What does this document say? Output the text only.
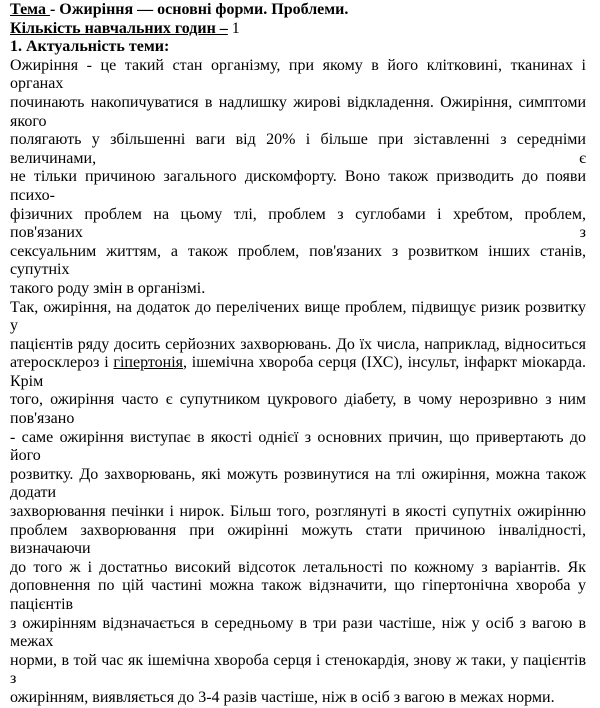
Тема - Ожиріння — основні форми. Проблеми.
Кількість навчальних годин – 1
1. Актуальність теми:
Ожиріння - це такий стан організму, при якому в його клітковині, тканинах і органах
починають накопичуватися в надлишку жирові відкладення. Ожиріння, симптоми якого
полягають у збільшенні ваги від 20% і більше при зіставленні з середніми величинами, є
не тільки причиною загального дискомфорту. Воно також призводить до появи психо-
фізичних проблем на цьому тлі, проблем з суглобами і хребтом, проблем, пов'язаних з
сексуальним життям, а також проблем, пов'язаних з розвитком інших станів, супутніх
такого роду змін в організмі.
Так, ожиріння, на додаток до перелічених вище проблем, підвищує ризик розвитку у
пацієнтів ряду досить серйозних захворювань. До їх числа, наприклад, відноситься
атеросклероз і гіпертонія, ішемічна хвороба серця (ІХС), інсульт, інфаркт міокарда. Крім
того, ожиріння часто є супутником цукрового діабету, в чому нерозривно з ним пов'язано
- саме ожиріння виступає в якості однієї з основних причин, що привертають до його
розвитку. До захворювань, які можуть розвинутися на тлі ожиріння, можна також додати
захворювання печінки і нирок. Більш того, розглянуті в якості супутніх ожирінню
проблем захворювання при ожирінні можуть стати причиною інвалідності, визначаючи
до того ж і достатньо високий відсоток летальності по кожному з варіантів. Як
доповнення по цій частині можна також відзначити, що гіпертонічна хвороба у пацієнтів
з ожирінням відзначається в середньому в три рази частіше, ніж у осіб з вагою в межах
норми, в той час як ішемічна хвороба серця і стенокардія, знову ж таки, у пацієнтів з
ожирінням, виявляється до 3-4 разів частіше, ніж в осіб з вагою в межах норми.
